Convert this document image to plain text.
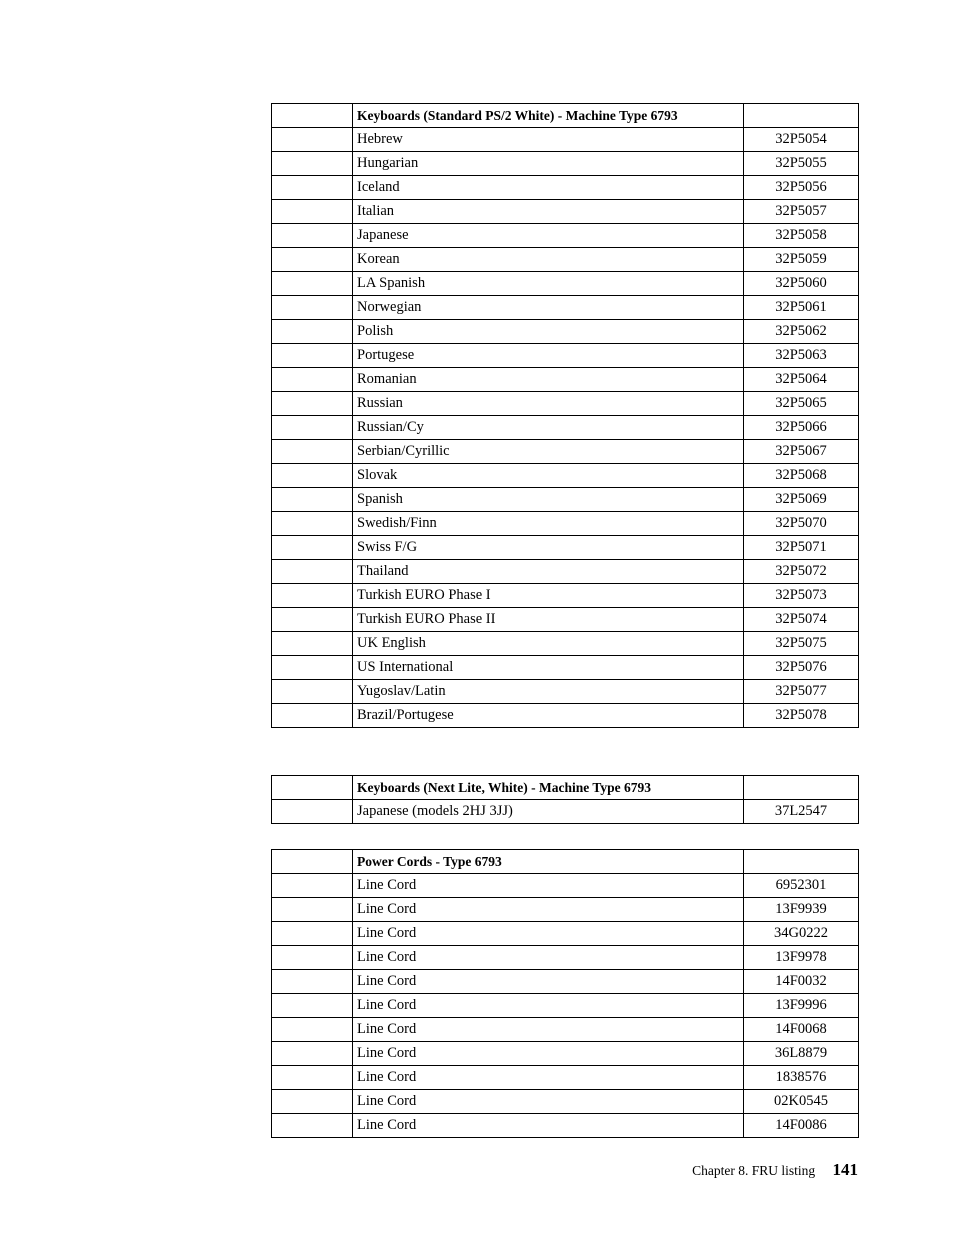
	Keyboards (Standard PS/2 White) - Machine Type 6793	
	Hebrew	32P5054
	Hungarian	32P5055
	Iceland	32P5056
	Italian	32P5057
	Japanese	32P5058
	Korean	32P5059
	LA Spanish	32P5060
	Norwegian	32P5061
	Polish	32P5062
	Portugese	32P5063
	Romanian	32P5064
	Russian	32P5065
	Russian/Cy	32P5066
	Serbian/Cyrillic	32P5067
	Slovak	32P5068
	Spanish	32P5069
	Swedish/Finn	32P5070
	Swiss F/G	32P5071
	Thailand	32P5072
	Turkish EURO Phase I	32P5073
	Turkish EURO Phase II	32P5074
	UK English	32P5075
	US International	32P5076
	Yugoslav/Latin	32P5077
	Brazil/Portugese	32P5078
	Keyboards (Next Lite, White) - Machine Type 6793	
	Japanese (models 2HJ 3JJ)	37L2547
	Power Cords - Type 6793	
	Line Cord	6952301
	Line Cord	13F9939
	Line Cord	34G0222
	Line Cord	13F9978
	Line Cord	14F0032
	Line Cord	13F9996
	Line Cord	14F0068
	Line Cord	36L8879
	Line Cord	1838576
	Line Cord	02K0545
	Line Cord	14F0086
Chapter 8. FRU listing 141
